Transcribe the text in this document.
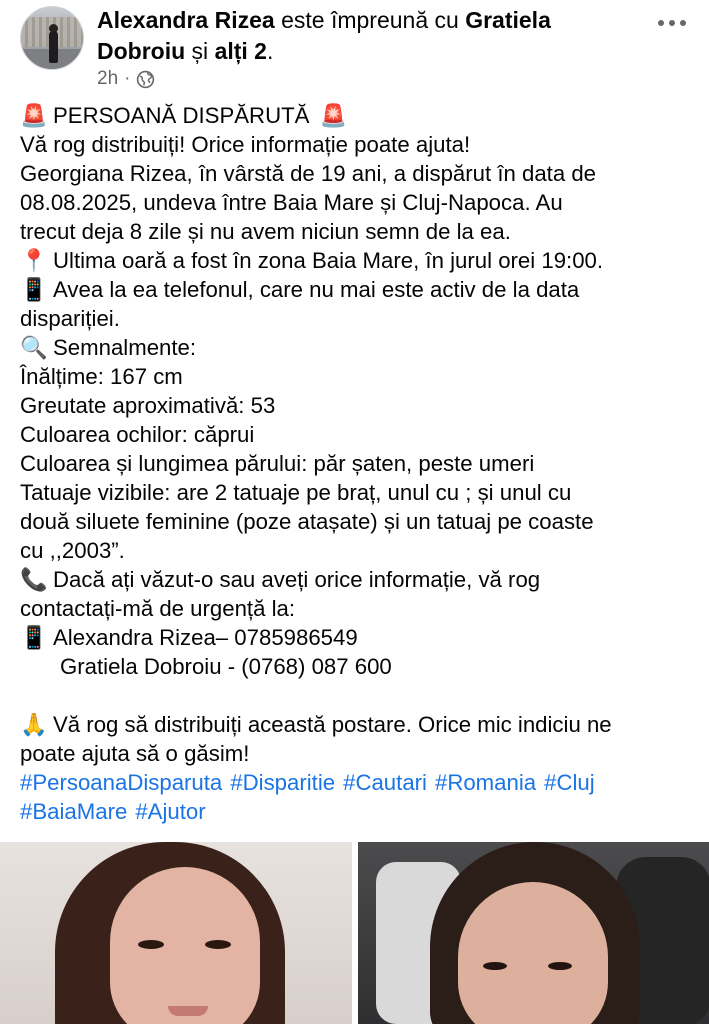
Alexandra Rizea este împreună cu Gratiela Dobroiu și alți 2.
2h ·
🚨 PERSOANĂ DISPĂRUTĂ 🚨
Vă rog distribuiți! Orice informație poate ajuta!
Georgiana Rizea, în vârstă de 19 ani, a dispărut în data de
08.08.2025, undeva între Baia Mare și Cluj-Napoca. Au
trecut deja 8 zile și nu avem niciun semn de la ea.
📍 Ultima oară a fost în zona Baia Mare, în jurul orei 19:00.
📱 Avea la ea telefonul, care nu mai este activ de la data
dispariției.
🔍 Semnalmente:
Înălțime: 167 cm
Greutate aproximativă: 53
Culoarea ochilor: căprui
Culoarea și lungimea părului: păr șaten, peste umeri
Tatuaje vizibile: are 2 tatuaje pe braț, unul cu ; și unul cu
două siluete feminine (poze atașate) și un tatuaj pe coaste
cu ,,2003”.
📞 Dacă ați văzut-o sau aveți orice informație, vă rog
contactați-mă de urgență la:
📱 Alexandra Rizea– 0785986549
Gratiela Dobroiu - (0768) 087 600
🙏 Vă rog să distribuiți această postare. Orice mic indiciu ne
poate ajuta să o găsim!
#PersoanaDisparuta #Disparitie #Cautari #Romania #Cluj
#BaiaMare #Ajutor
